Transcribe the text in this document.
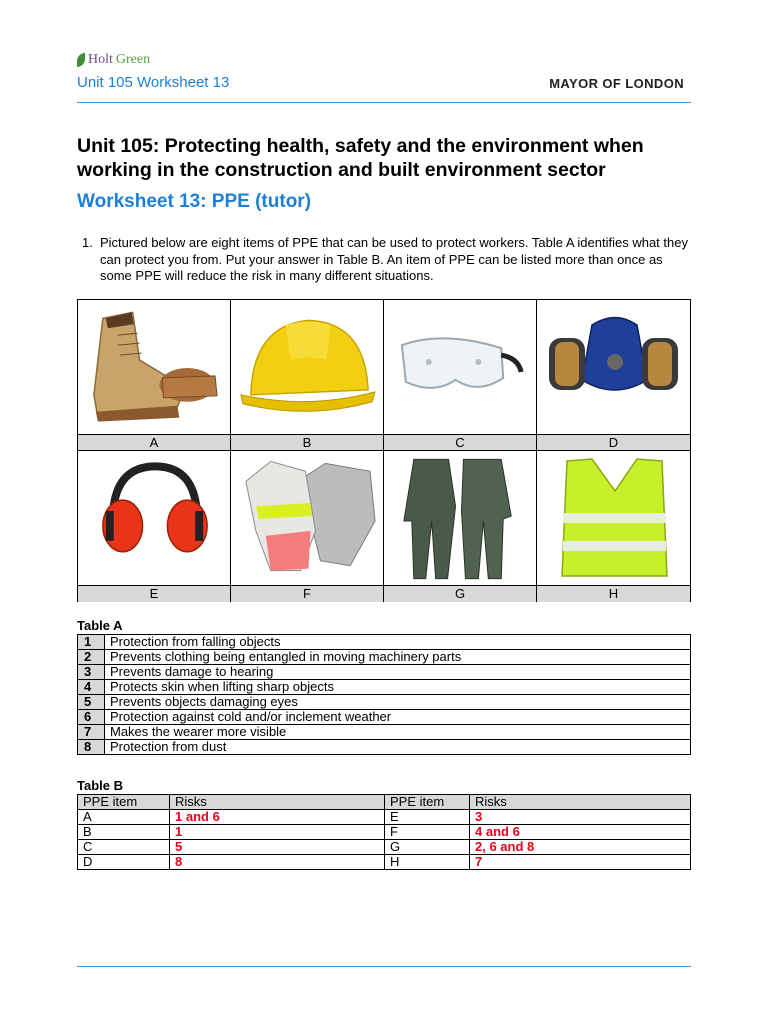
Holt Green
Unit 105 Worksheet 13	MAYOR OF LONDON
Unit 105: Protecting health, safety and the environment when working in the construction and built environment sector
Worksheet 13: PPE (tutor)
1. Pictured below are eight items of PPE that can be used to protect workers. Table A identifies what they can protect you from. Put your answer in Table B. An item of PPE can be listed more than once as some PPE will reduce the risk in many different situations.
A	B	C	D
E	F	G	H
Table A
1	Protection from falling objects
2	Prevents clothing being entangled in moving machinery parts
3	Prevents damage to hearing
4	Protects skin when lifting sharp objects
5	Prevents objects damaging eyes
6	Protection against cold and/or inclement weather
7	Makes the wearer more visible
8	Protection from dust
Table B
PPE item	Risks	PPE item	Risks
A	1 and 6	E	3
B	1	F	4 and 6
C	5	G	2, 6 and 8
D	8	H	7
